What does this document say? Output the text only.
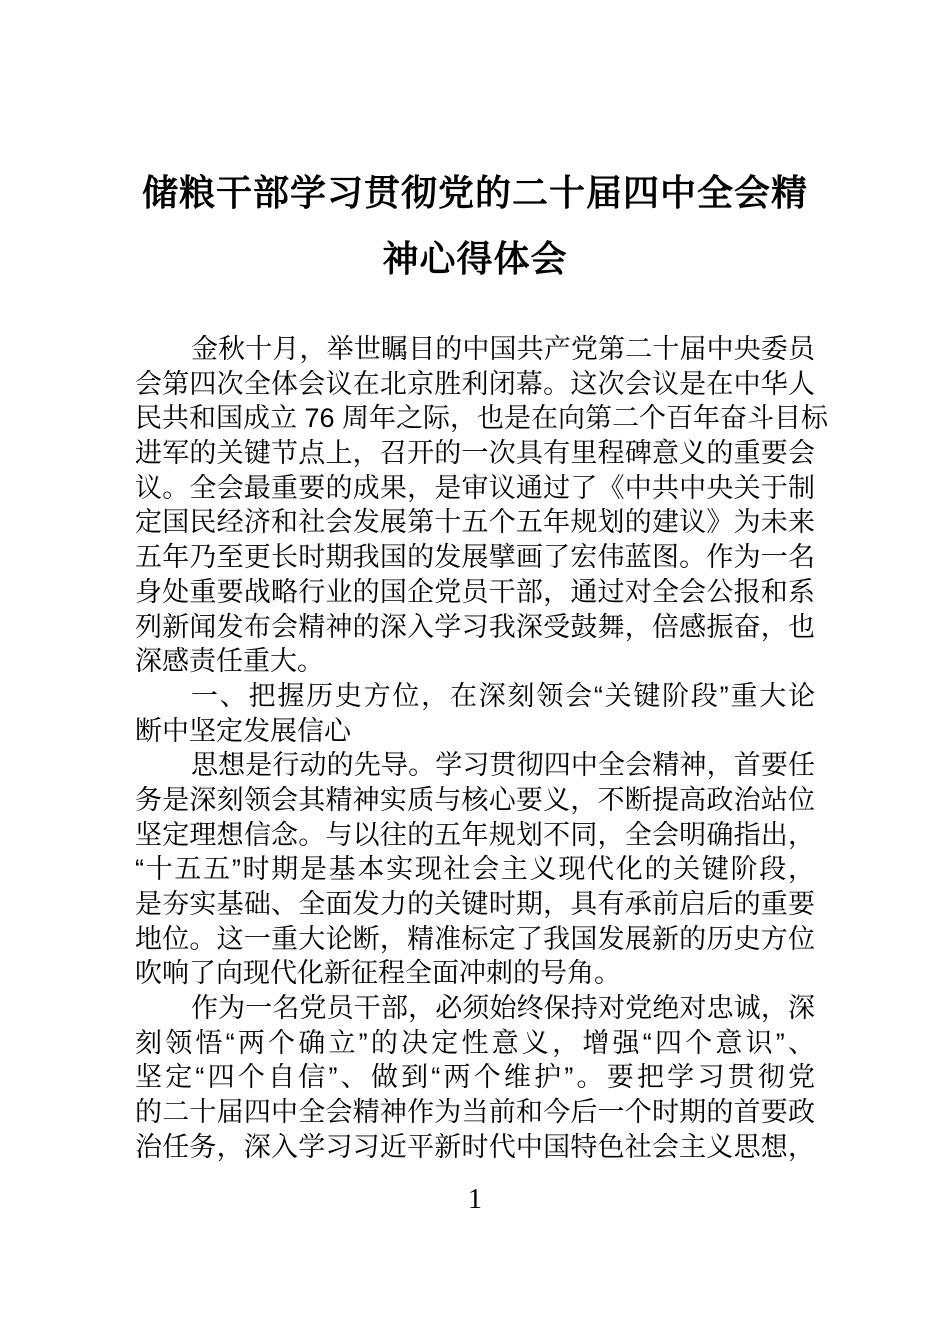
储粮干部学习贯彻党的二十届四中全会精
神心得体会
金秋十月，举世瞩目的中国共产党第二十届中央委员
会第四次全体会议在北京胜利闭幕。这次会议是在中华人
民共和国成立 76 周年之际，也是在向第二个百年奋斗目标
进军的关键节点上，召开的一次具有里程碑意义的重要会
议。全会最重要的成果，是审议通过了《中共中央关于制
定国民经济和社会发展第十五个五年规划的建议》为未来
五年乃至更长时期我国的发展擘画了宏伟蓝图。作为一名
身处重要战略行业的国企党员干部，通过对全会公报和系
列新闻发布会精神的深入学习我深受鼓舞，倍感振奋，也
深感责任重大。
一、把握历史方位，在深刻领会“关键阶段”重大论
断中坚定发展信心
思想是行动的先导。学习贯彻四中全会精神，首要任
务是深刻领会其精神实质与核心要义，不断提高政治站位
坚定理想信念。与以往的五年规划不同，全会明确指出，
“十五五”时期是基本实现社会主义现代化的关键阶段，
是夯实基础、全面发力的关键时期，具有承前启后的重要
地位。这一重大论断，精准标定了我国发展新的历史方位
吹响了向现代化新征程全面冲刺的号角。
作为一名党员干部，必须始终保持对党绝对忠诚，深
刻领悟“两个确立”的决定性意义，增强“四个意识”、
坚定“四个自信”、做到“两个维护”。要把学习贯彻党
的二十届四中全会精神作为当前和今后一个时期的首要政
治任务，深入学习习近平新时代中国特色社会主义思想，
1
